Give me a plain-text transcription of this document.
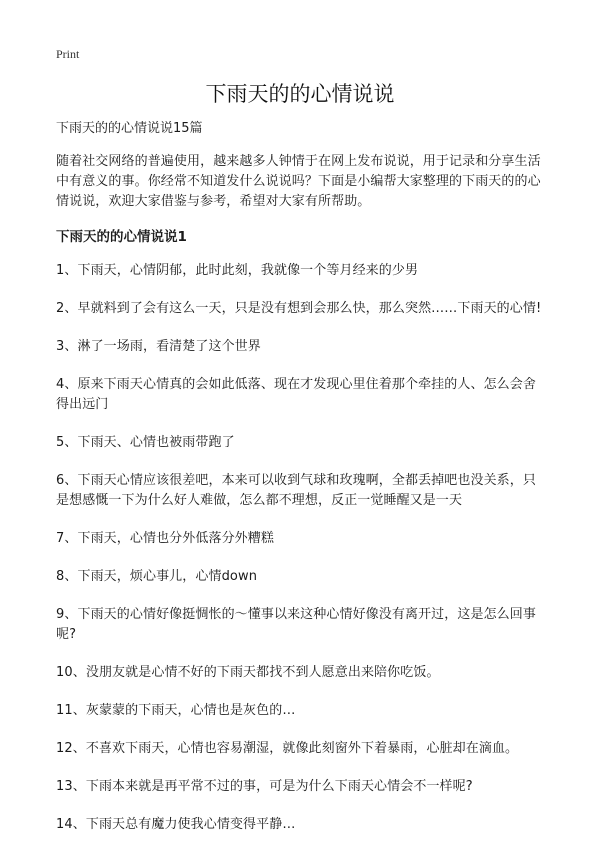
Print
下雨天的的心情说说

下雨天的的心情说说15篇

随着社交网络的普遍使用，越来越多人钟情于在网上发布说说，用于记录和分享生活中有意义的事。你经常不知道发什么说说吗？下面是小编帮大家整理的下雨天的的心情说说，欢迎大家借鉴与参考，希望对大家有所帮助。

下雨天的的心情说说1

1、下雨天，心情阴郁，此时此刻，我就像一个等月经来的少男

2、早就料到了会有这么一天，只是没有想到会那么快，那么突然……下雨天的心情!

3、淋了一场雨，看清楚了这个世界

4、原来下雨天心情真的会如此低落、现在才发现心里住着那个牵挂的人、怎么会舍得出远门

5、下雨天、心情也被雨带跑了

6、下雨天心情应该很差吧，本来可以收到气球和玫瑰啊，全都丢掉吧也没关系，只是想感慨一下为什么好人难做，怎么都不理想，反正一觉睡醒又是一天

7、下雨天，心情也分外低落分外糟糕

8、下雨天，烦心事儿，心情down

9、下雨天的心情好像挺惆怅的～懂事以来这种心情好像没有离开过，这是怎么回事呢?

10、没朋友就是心情不好的下雨天都找不到人愿意出来陪你吃饭。

11、灰蒙蒙的下雨天，心情也是灰色的…

12、不喜欢下雨天，心情也容易潮湿，就像此刻窗外下着暴雨，心脏却在滴血。

13、下雨本来就是再平常不过的事，可是为什么下雨天心情会不一样呢?

14、下雨天总有魔力使我心情变得平静…
